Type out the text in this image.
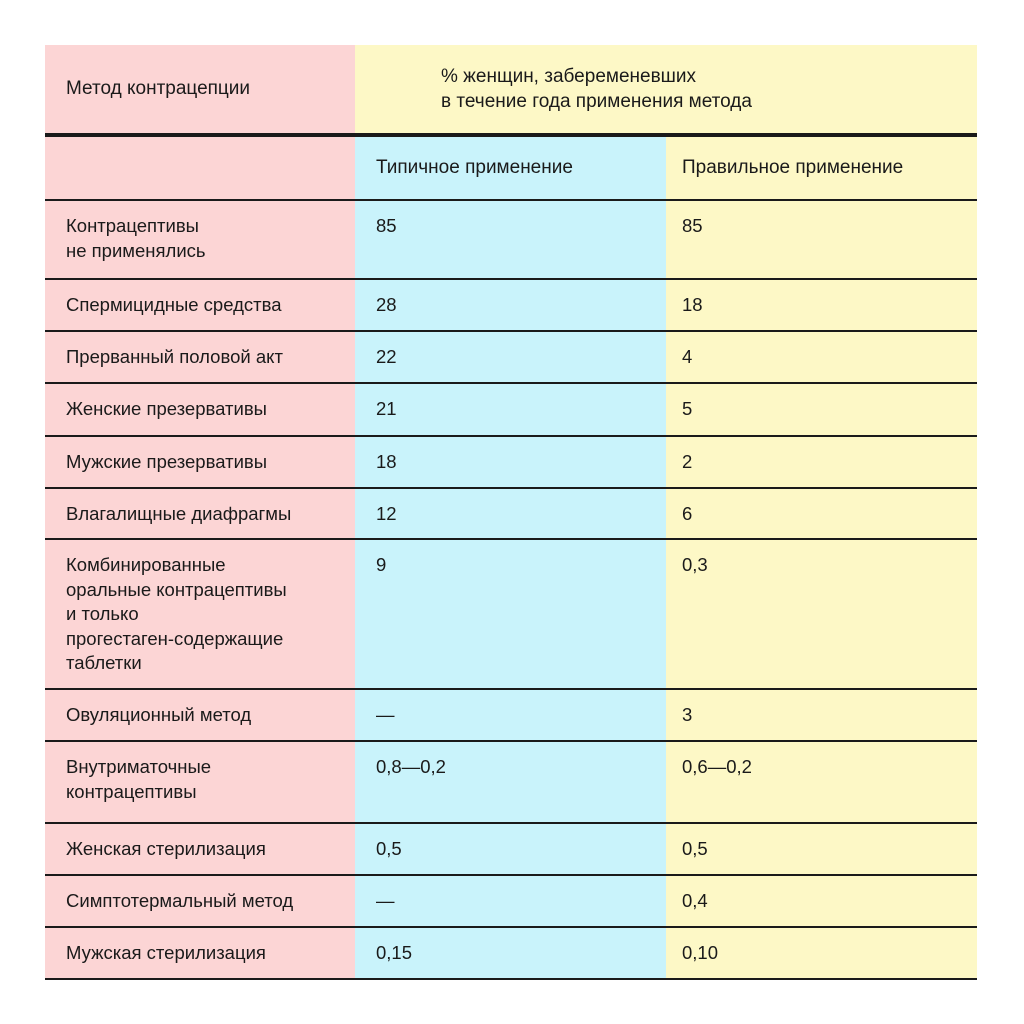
Метод контрацепции
% женщин, забеременевших
в течение года применения метода
Типичное применение	Правильное применение
Контрацептивы
не применялись
85	85
Спермицидные средства	28	18
Прерванный половой акт	22	4
Женские презервативы	21	5
Мужские презервативы	18	2
Влагалищные диафрагмы	12	6
Комбинированные
оральные контрацептивы
и только
прогестаген-содержащие
таблетки
9	0,3
Овуляционный метод	—	3
Внутриматочные
контрацептивы
0,8—0,2	0,6—0,2
Женская стерилизация	0,5	0,5
Симптотермальный метод	—	0,4
Мужская стерилизация	0,15	0,10
